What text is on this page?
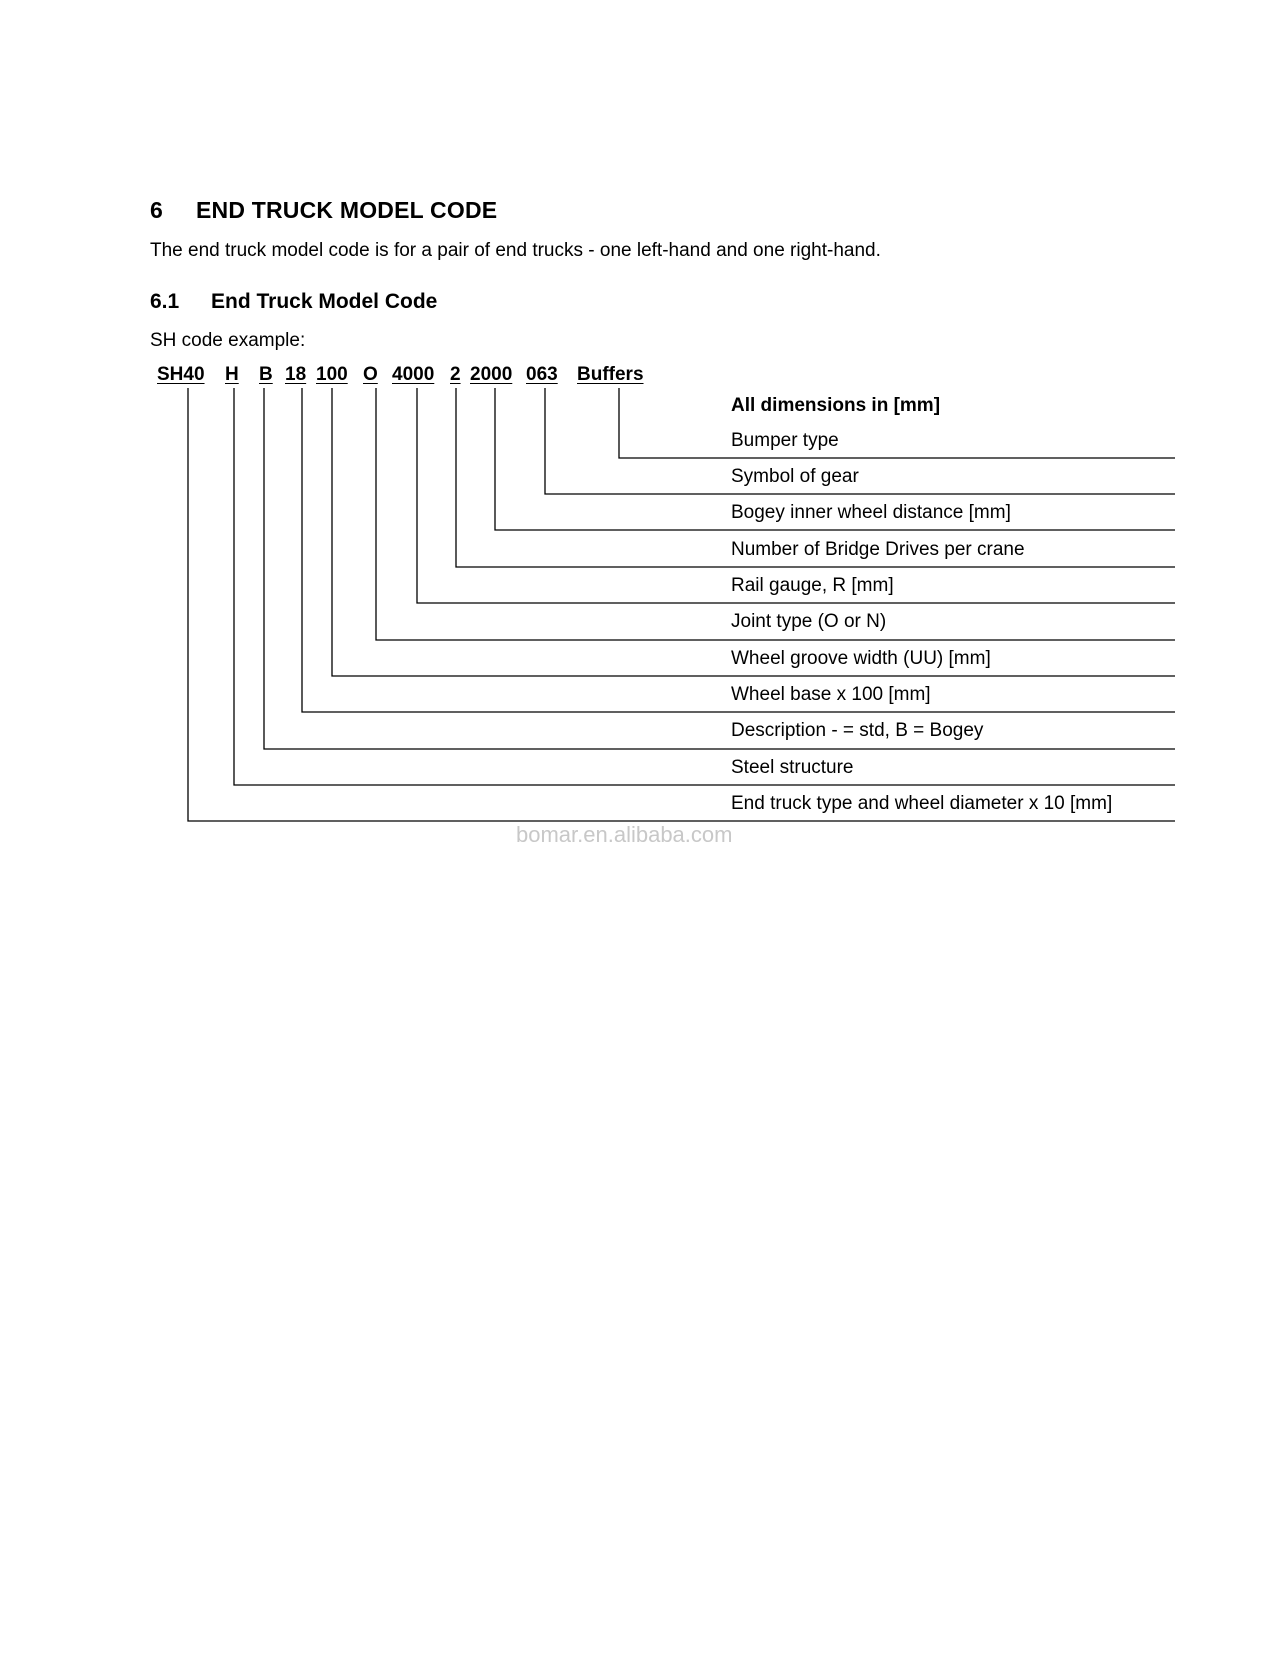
6 END TRUCK MODEL CODE
The end truck model code is for a pair of end trucks - one left-hand and one right-hand.
6.1 End Truck Model Code
SH code example:
SH40 H B 18 100 O 4000 2 2000 063 Buffers
All dimensions in [mm]
Bumper type
Symbol of gear
Bogey inner wheel distance [mm]
Number of Bridge Drives per crane
Rail gauge, R [mm]
Joint type (O or N)
Wheel groove width (UU) [mm]
Wheel base x 100 [mm]
Description - = std, B = Bogey
Steel structure
End truck type and wheel diameter x 10 [mm]
bomar.en.alibaba.com
